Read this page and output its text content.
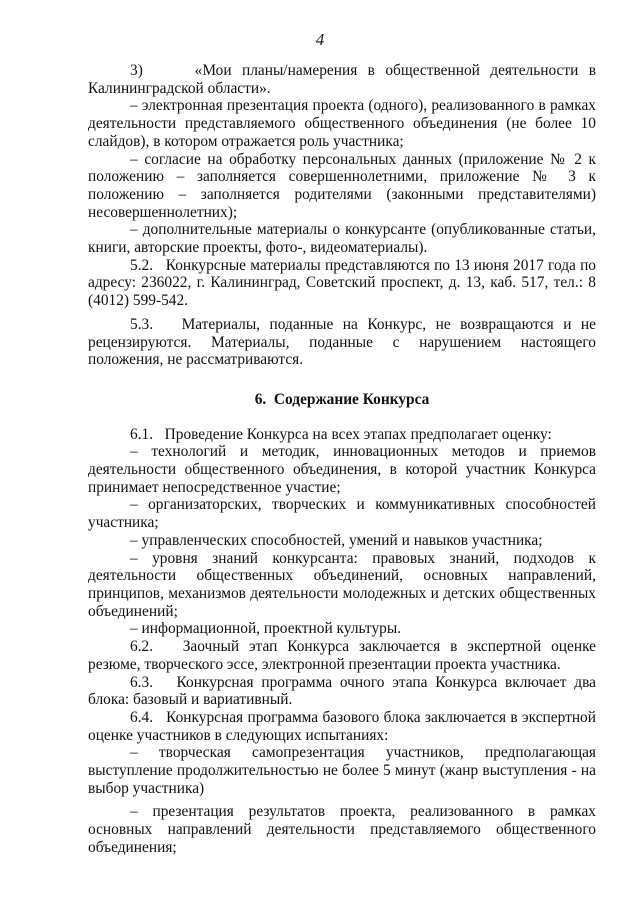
4

3)     «Мои планы/намерения в общественной деятельности в Калининградской области».

– электронная презентация проекта (одного), реализованного в рамках деятельности представляемого общественного объединения (не более 10 слайдов), в котором отражается роль участника;

– согласие на обработку персональных данных (приложение № 2 к положению – заполняется совершеннолетними, приложение № 3 к положению – заполняется родителями (законными представителями) несовершеннолетних);

– дополнительные материалы о конкурсанте (опубликованные статьи, книги, авторские проекты, фото-, видеоматериалы).

5.2.   Конкурсные материалы представляются по 13 июня 2017 года по адресу: 236022, г. Калининград, Советский проспект, д. 13, каб. 517, тел.: 8 (4012) 599-542.

5.3.   Материалы, поданные на Конкурс, не возвращаются и не рецензируются. Материалы, поданные с нарушением настоящего положения, не рассматриваются.

6.  Содержание Конкурса

6.1.   Проведение Конкурса на всех этапах предполагает оценку:

– технологий и методик, инновационных методов и приемов деятельности общественного объединения, в которой участник Конкурса принимает непосредственное участие;

– организаторских, творческих и коммуникативных способностей участника;

– управленческих способностей, умений и навыков участника;

– уровня знаний конкурсанта: правовых знаний, подходов к деятельности общественных объединений, основных направлений, принципов, механизмов деятельности молодежных и детских общественных объединений;

– информационной, проектной культуры.

6.2.   Заочный этап Конкурса заключается в экспертной оценке резюме, творческого эссе, электронной презентации проекта участника.

6.3.   Конкурсная программа очного этапа Конкурса включает два блока: базовый и вариативный.

6.4.   Конкурсная программа базового блока заключается в экспертной оценке участников в следующих испытаниях:

– творческая самопрезентация участников, предполагающая выступление продолжительностью не более 5 минут (жанр выступления - на выбор участника)

– презентация результатов проекта, реализованного в рамках основных направлений деятельности представляемого общественного объединения;
